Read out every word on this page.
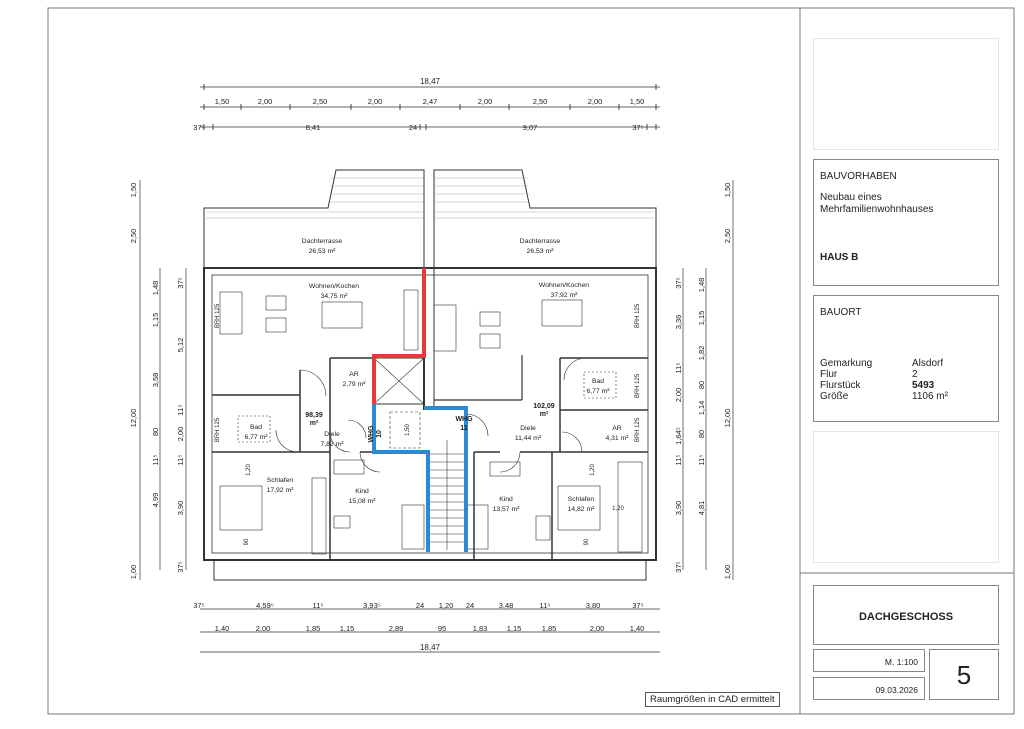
18,47
1,50	2,00	2,50	2,00	2,47	2,00	2,50	2,00	1,50
37⁵	8,41	24	9,07	37⁵
1,50
2,50
12,00
1,00
1,48
1,15
3,58
80
11⁵
4,99
37⁵
5,12
11⁵
2,00
11⁵
3,90
37⁵
37⁵
3,36
11⁵
2,00
1,64⁵
11⁵
3,90
37⁵
1,48
1,15
1,82
80
1,14
80
11⁵
4,81
1,50
2,50
12,00
1,00
37⁵	4,59⁵	11⁵	3,93⁵	24 1,20 24	3,48	11⁵	3,80	37⁵
1,40	2,00	1,85	1,15	2,89	95	1,83	1,15	1,85	2,00	1,40
18,47
Dachterrasse
26,53 m²
Dachterrasse
26,53 m²
Wohnen/Kochen
34,75 m²
Wohnen/Kochen
37,92 m²
AR
2,79 m²
AR
4,31 m²
Bad
6,77 m²
Bad
6,77 m²
Diele
7,82 m²
Diele
11,44 m²
Schlafen
17,92 m²
Schlafen
14,82 m²
Kind
15,08 m²	Kind
13,57 m²
98,39
m²
102,09
m²
WHG 10
WHG
11
1,50
BRH 125
BRH 125
BRH 125
BRH 125
BRH 125
1,20
90
1,20
1,20
90
BAUVORHABEN
Neubau eines
Mehrfamilienwohnhauses
HAUS B
BAUORT
Gemarkung	Alsdorf
Flur	2
Flurstück	5493
Größe	1106 m²
DACHGESCHOSS
M. 1:100
09.03.2026	5
Raumgrößen in CAD ermittelt
